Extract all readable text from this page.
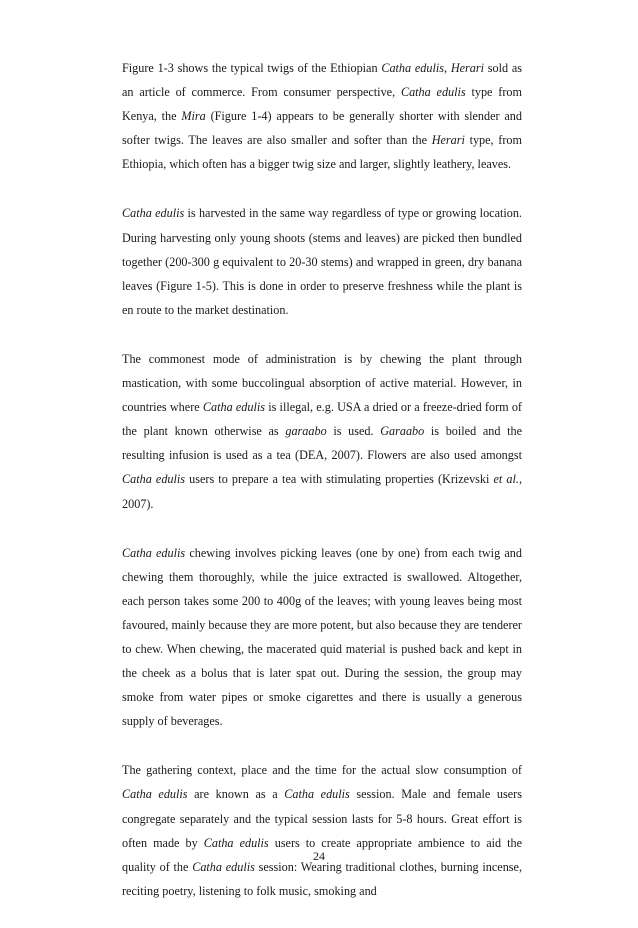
Figure 1-3 shows the typical twigs of the Ethiopian Catha edulis, Herari sold as an article of commerce. From consumer perspective, Catha edulis type from Kenya, the Mira (Figure 1-4) appears to be generally shorter with slender and softer twigs. The leaves are also smaller and softer than the Herari type, from Ethiopia, which often has a bigger twig size and larger, slightly leathery, leaves.

Catha edulis is harvested in the same way regardless of type or growing location. During harvesting only young shoots (stems and leaves) are picked then bundled together (200-300 g equivalent to 20-30 stems) and wrapped in green, dry banana leaves (Figure 1-5). This is done in order to preserve freshness while the plant is en route to the market destination.

The commonest mode of administration is by chewing the plant through mastication, with some buccolingual absorption of active material. However, in countries where Catha edulis is illegal, e.g. USA a dried or a freeze-dried form of the plant known otherwise as garaabo is used. Garaabo is boiled and the resulting infusion is used as a tea (DEA, 2007). Flowers are also used amongst Catha edulis users to prepare a tea with stimulating properties (Krizevski et al., 2007).

Catha edulis chewing involves picking leaves (one by one) from each twig and chewing them thoroughly, while the juice extracted is swallowed. Altogether, each person takes some 200 to 400g of the leaves; with young leaves being most favoured, mainly because they are more potent, but also because they are tenderer to chew. When chewing, the macerated quid material is pushed back and kept in the cheek as a bolus that is later spat out. During the session, the group may smoke from water pipes or smoke cigarettes and there is usually a generous supply of beverages.

The gathering context, place and the time for the actual slow consumption of Catha edulis are known as a Catha edulis session. Male and female users congregate separately and the typical session lasts for 5-8 hours. Great effort is often made by Catha edulis users to create appropriate ambience to aid the quality of the Catha edulis session: Wearing traditional clothes, burning incense, reciting poetry, listening to folk music, smoking and

24
